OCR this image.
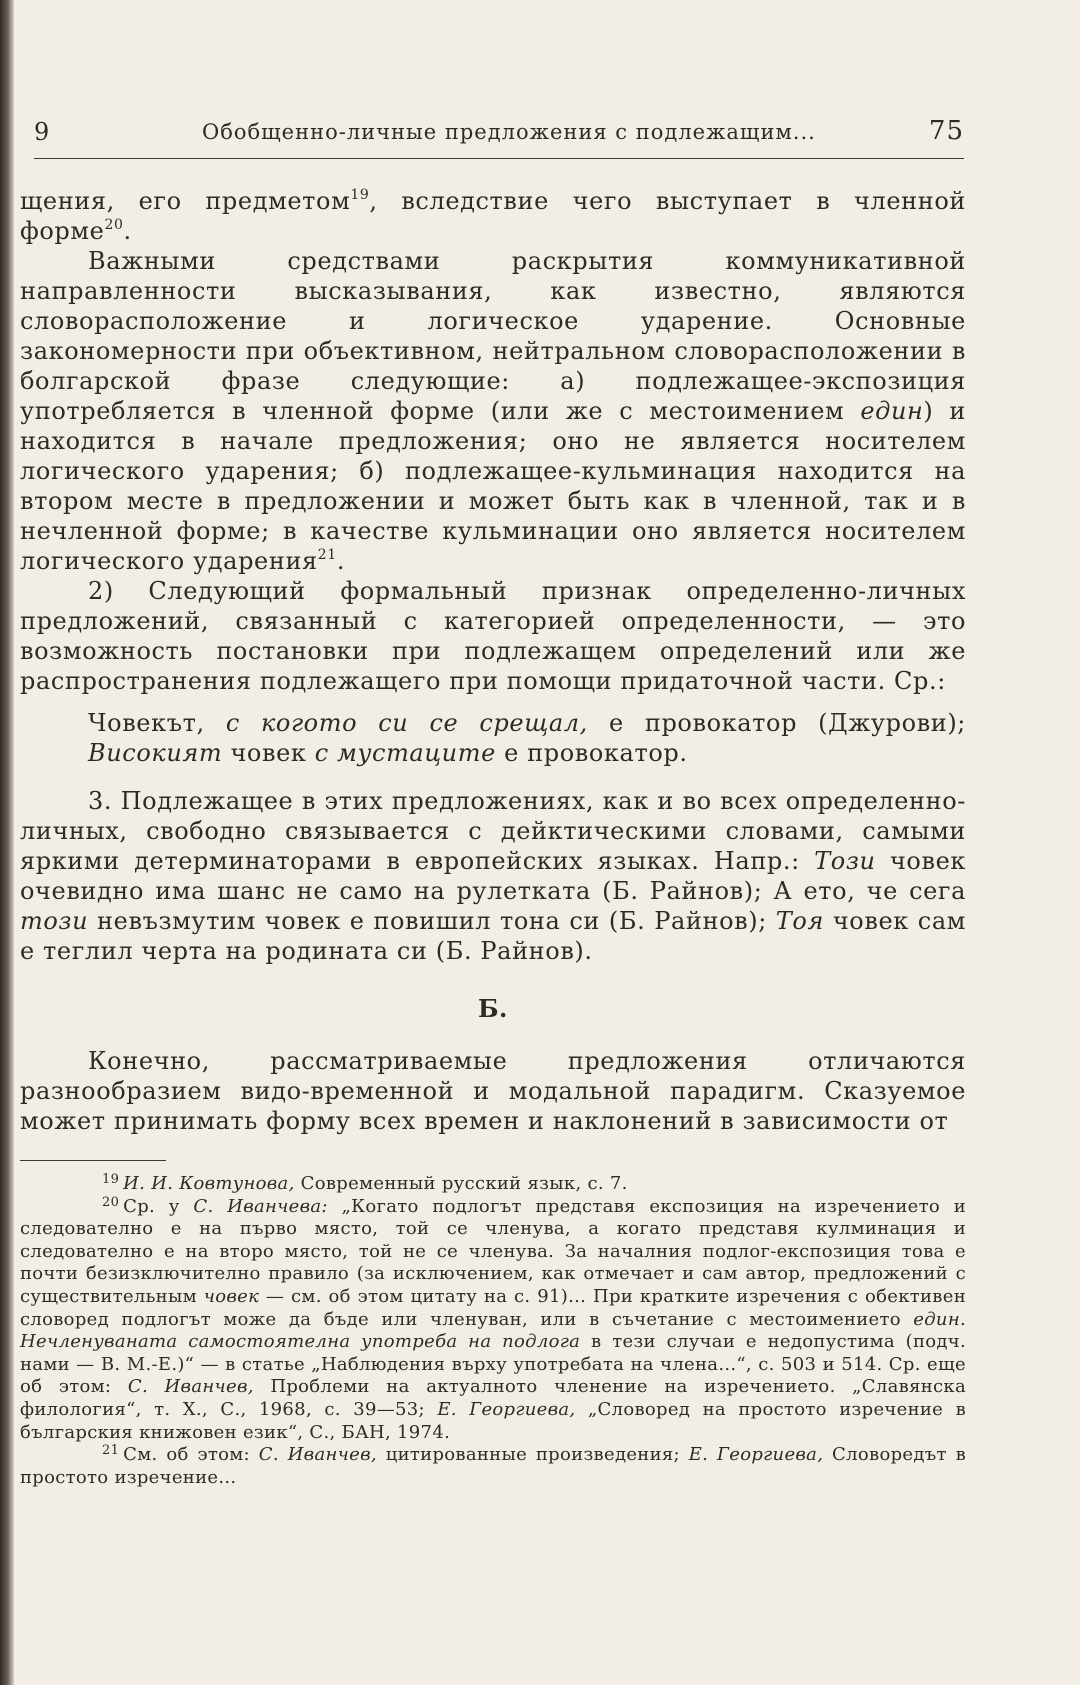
9	Обобщенно-личные предложения с подлежащим...	75

щения, его предметом$^{19}$, вследствие чего выступает в членной форме$^{20}$.

Важными средствами раскрытия коммуникативной направленности высказывания, как известно, являются словорасположение и логическое ударение. Основные закономерности при объективном, нейтральном словорасположении в болгарской фразе следующие: а) подлежащее-экспозиция употребляется в членной форме (или же с местоимением един) и находится в начале предложения; оно не является носителем логического ударения; б) подлежащее-кульминация находится на втором месте в предложении и может быть как в членной, так и в нечленной форме; в качестве кульминации оно является носителем логического ударения$^{21}$.

2) Следующий формальный признак определенно-личных предложений, связанный с категорией определенности, — это возможность постановки при подлежащем определений или же распространения подлежащего при помощи придаточной части. Ср.:

Човекът, с когото си се срещал, е провокатор (Джурови); Високият човек с мустаците е провокатор.

3. Подлежащее в этих предложениях, как и во всех определенно-личных, свободно связывается с дейктическими словами, самыми яркими детерминаторами в европейских языках. Напр.: Този човек очевидно има шанс не само на рулетката (Б. Райнов); А ето, че сега този невъзмутим човек е повишил тона си (Б. Райнов); Тоя човек сам е теглил черта на родината си (Б. Райнов).

Б.

Конечно, рассматриваемые предложения отличаются разнообразием видо-временной и модальной парадигм. Сказуемое может принимать форму всех времен и наклонений в зависимости от

$^{19}$ И. И. Ковтунова, Современный русский язык, с. 7.

$^{20}$ Ср. у С. Иванчева: „Когато подлогът представя експозиция на изречението и следователно е на първо място, той се членува, а когато представя кулминация и следователно е на второ място, той не се членува. За началния подлог-експозиция това е почти безизключително правило (за исключением, как отмечает и сам автор, предложений с существительным човек — см. об этом цитату на с. 91)... При кратките изречения с обективен словоред подлогът може да бъде или членуван, или в съчетание с местоимението един. Нечленуваната самостоятелна употреба на подлога в тези случаи е недопустима (подч. нами — В. М.-Е.)“ — в статье „Наблюдения върху употребата на члена...“, с. 503 и 514. Ср. еще об этом: С. Иванчев, Проблеми на актуалното членение на изречението. „Славянска филология“, т. X., С., 1968, с. 39—53; Е. Георгиева, „Словоред на простото изречение в българския книжовен език“, С., БАН, 1974.

$^{21}$ См. об этом: С. Иванчев, цитированные произведения; Е. Георгиева, Словоредът в простото изречение...
